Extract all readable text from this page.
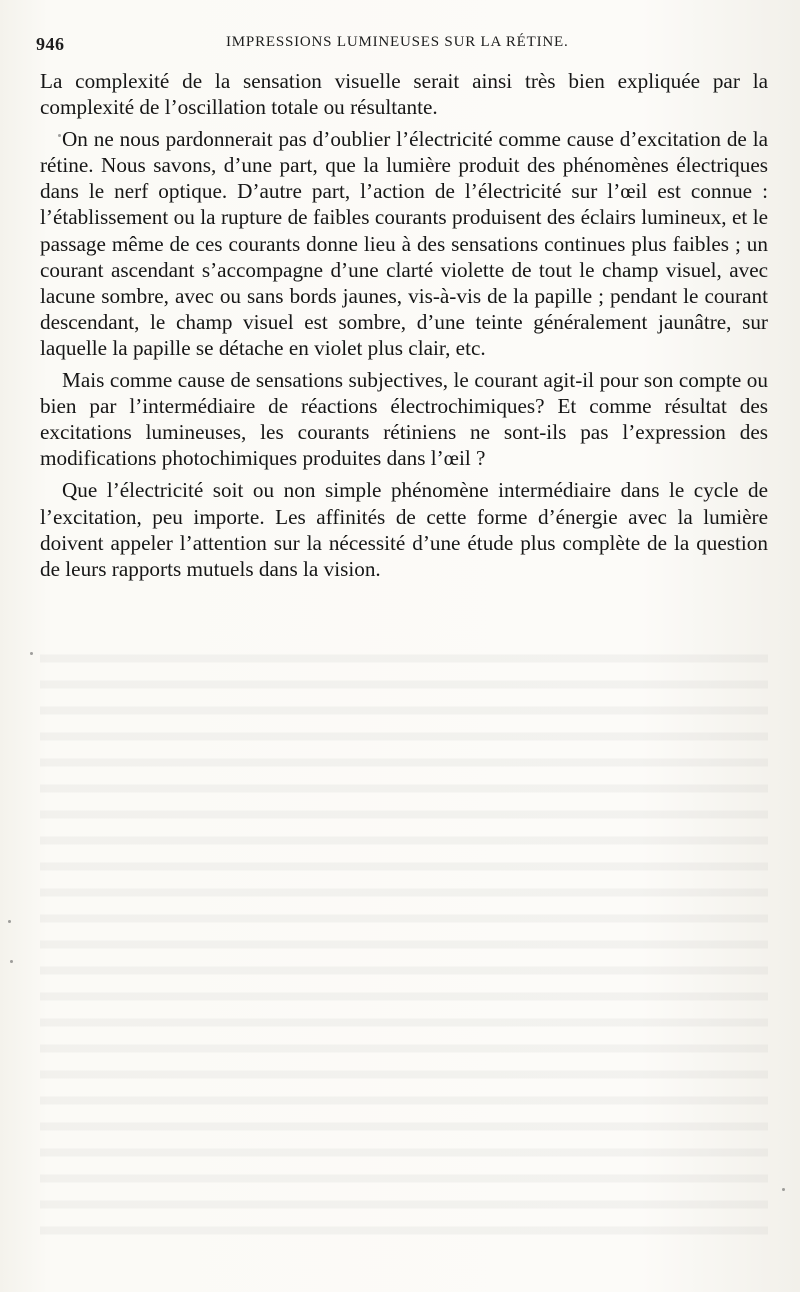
946	IMPRESSIONS LUMINEUSES SUR LA RÉTINE.

La complexité de la sensation visuelle serait ainsi très bien expliquée par la complexité de l’oscillation totale ou résultante.

On ne nous pardonnerait pas d’oublier l’électricité comme cause d’excitation de la rétine. Nous savons, d’une part, que la lumière produit des phénomènes électriques dans le nerf optique. D’autre part, l’action de l’électricité sur l’œil est connue : l’établissement ou la rupture de faibles courants produisent des éclairs lumineux, et le passage même de ces courants donne lieu à des sensations continues plus faibles ; un courant ascendant s’accompagne d’une clarté violette de tout le champ visuel, avec lacune sombre, avec ou sans bords jaunes, vis-à-vis de la papille ; pendant le courant descendant, le champ visuel est sombre, d’une teinte généralement jaunâtre, sur laquelle la papille se détache en violet plus clair, etc.

Mais comme cause de sensations subjectives, le courant agit-il pour son compte ou bien par l’intermédiaire de réactions électrochimiques? Et comme résultat des excitations lumineuses, les courants rétiniens ne sont-ils pas l’expression des modifications photochimiques produites dans l’œil ?

Que l’électricité soit ou non simple phénomène intermédiaire dans le cycle de l’excitation, peu importe. Les affinités de cette forme d’énergie avec la lumière doivent appeler l’attention sur la nécessité d’une étude plus complète de la question de leurs rapports mutuels dans la vision.
